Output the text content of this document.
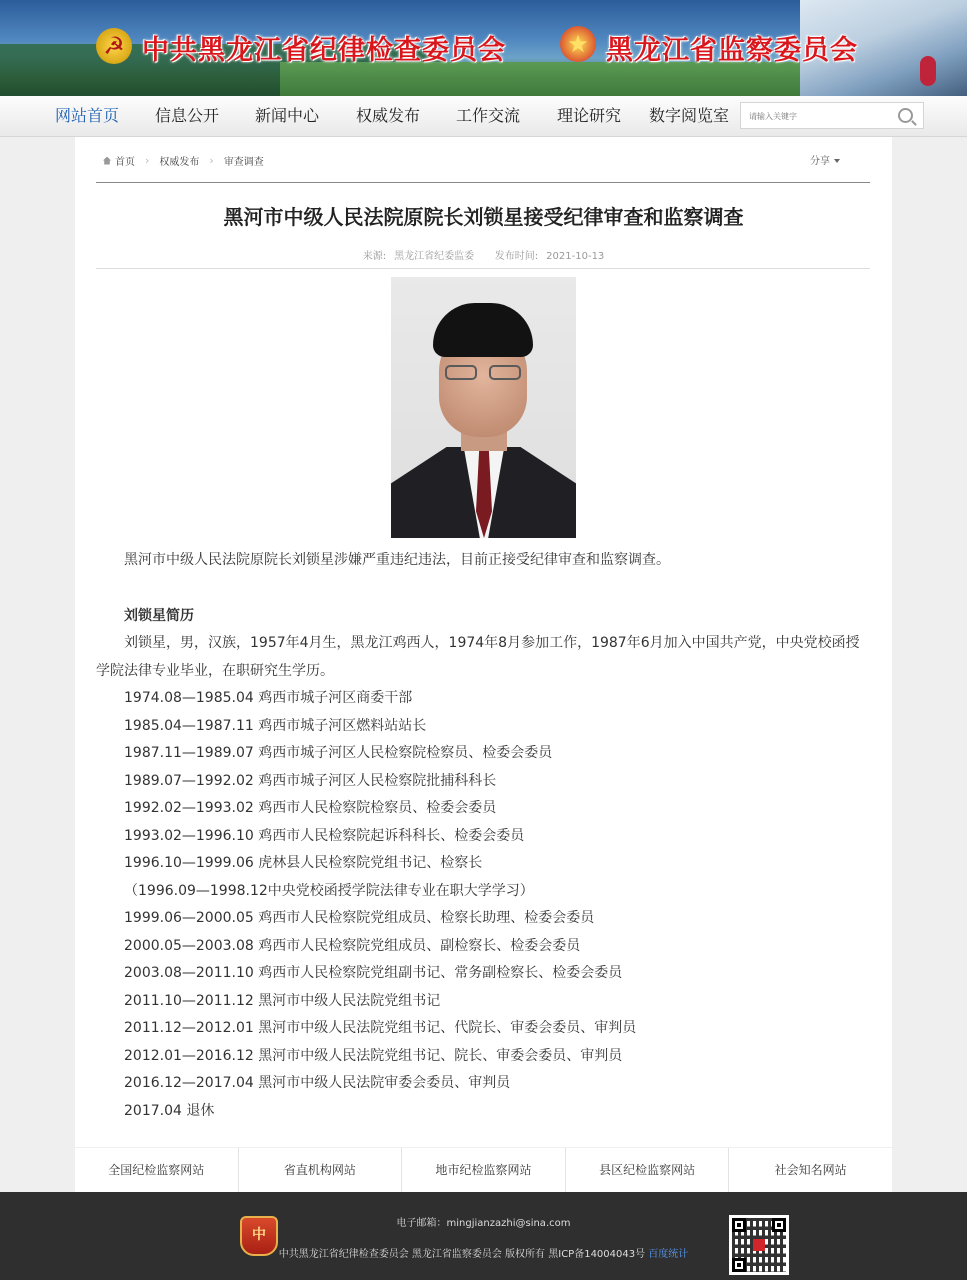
☭ 中共黑龙江省纪律检查委员会	★ 黑龙江省监察委员会
网站首页 信息公开 新闻中心 权威发布 工作交流 理论研究 数字阅览室
请输入关键字
首页 › 权威发布 › 审查调查	分享
黑河市中级人民法院原院长刘锁星接受纪律审查和监察调查
来源: 黑龙江省纪委监委 发布时间: 2021-10-13

黑河市中级人民法院原院长刘锁星涉嫌严重违纪违法，目前正接受纪律审查和监察调查。

刘锁星简历

刘锁星，男，汉族，1957年4月生，黑龙江鸡西人，1974年8月参加工作，1987年6月加入中国共产党，中央党校函授学院法律专业毕业，在职研究生学历。

1974.08—1985.04 鸡西市城子河区商委干部

1985.04—1987.11 鸡西市城子河区燃料站站长

1987.11—1989.07 鸡西市城子河区人民检察院检察员、检委会委员

1989.07—1992.02 鸡西市城子河区人民检察院批捕科科长

1992.02—1993.02 鸡西市人民检察院检察员、检委会委员

1993.02—1996.10 鸡西市人民检察院起诉科科长、检委会委员

1996.10—1999.06 虎林县人民检察院党组书记、检察长

（1996.09—1998.12中央党校函授学院法律专业在职大学学习）

1999.06—2000.05 鸡西市人民检察院党组成员、检察长助理、检委会委员

2000.05—2003.08 鸡西市人民检察院党组成员、副检察长、检委会委员

2003.08—2011.10 鸡西市人民检察院党组副书记、常务副检察长、检委会委员

2011.10—2011.12 黑河市中级人民法院党组书记

2011.12—2012.01 黑河市中级人民法院党组书记、代院长、审委会委员、审判员

2012.01—2016.12 黑河市中级人民法院党组书记、院长、审委会委员、审判员

2016.12—2017.04 黑河市中级人民法院审委会委员、审判员

2017.04 退休

全国纪检监察网站	省直机构网站	地市纪检监察网站	县区纪检监察网站	社会知名网站
中
电子邮箱：mingjianzazhi@sina.com
中共黑龙江省纪律检查委员会 黑龙江省监察委员会 版权所有 黑ICP备14004043号 百度统计
